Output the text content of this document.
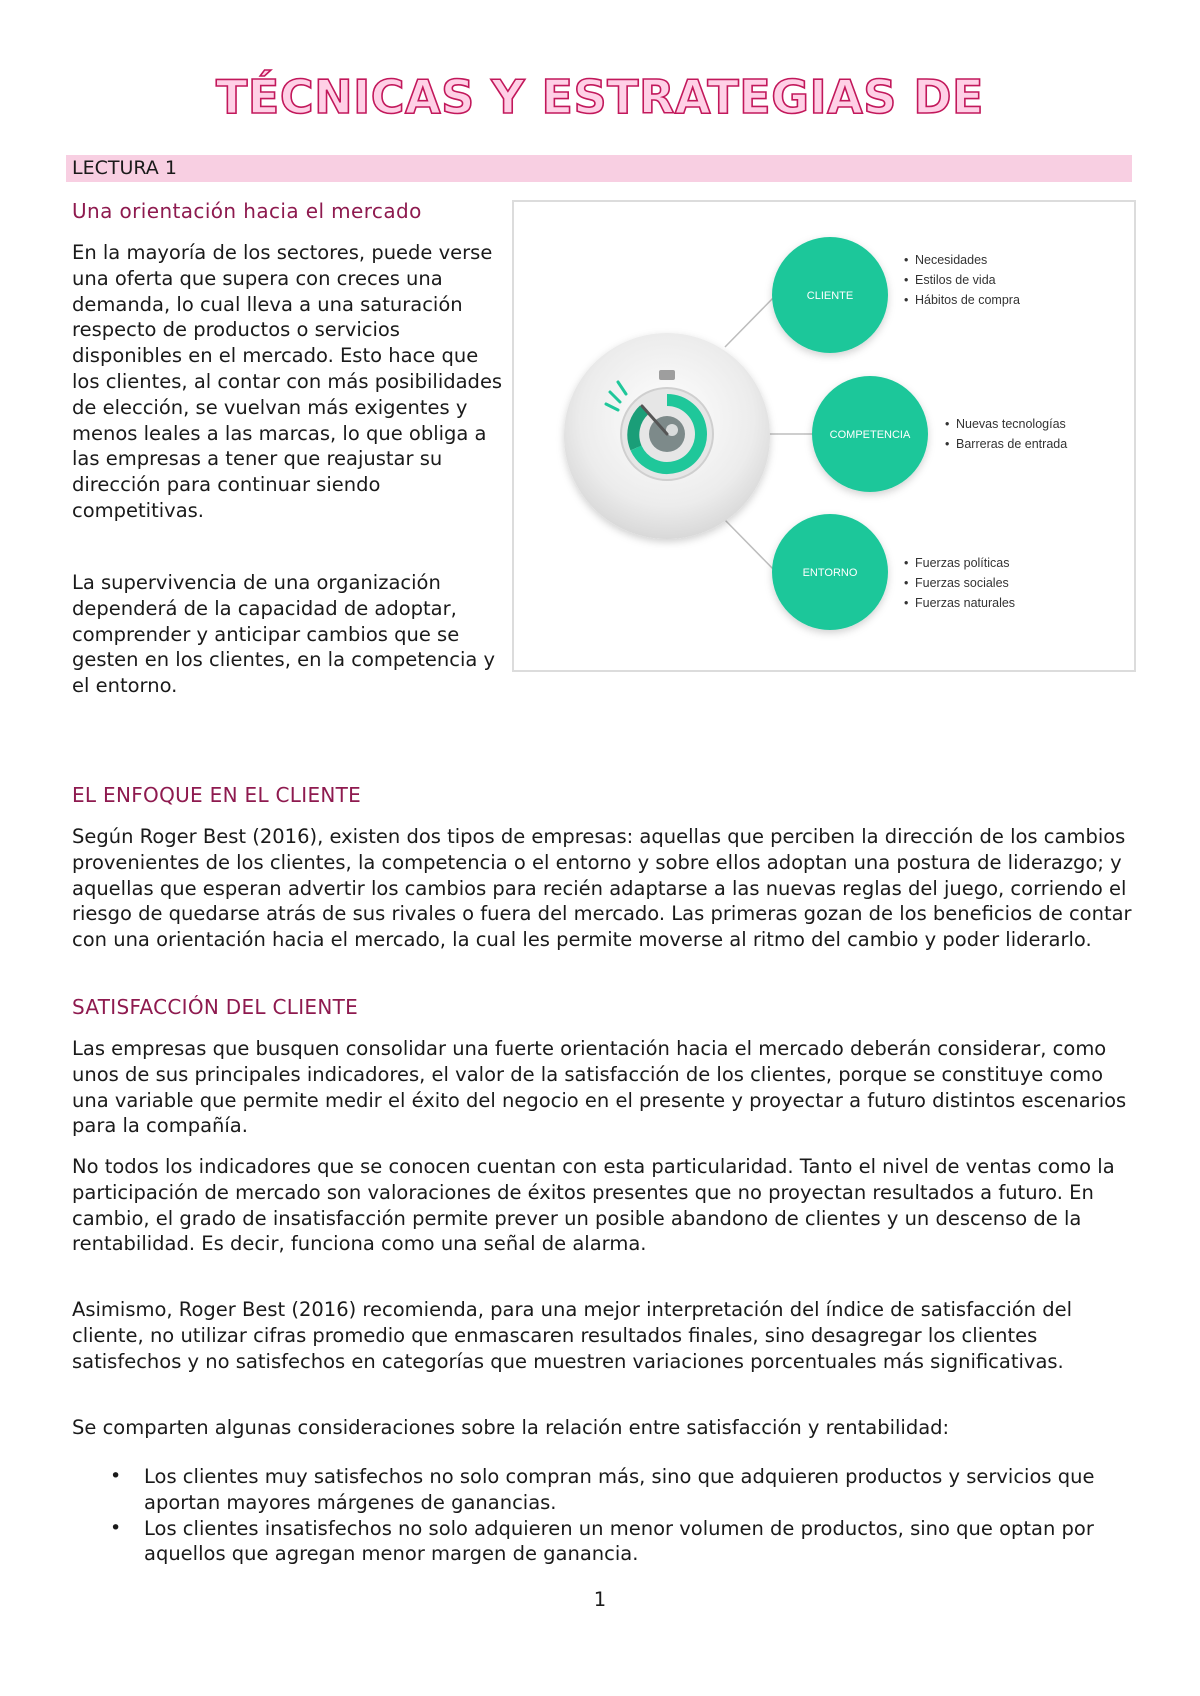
TÉCNICAS Y ESTRATEGIAS DE
LECTURA 1
Una orientación hacia el mercado

En la mayoría de los sectores, puede verse una oferta que supera con creces una demanda, lo cual lleva a una saturación respecto de productos o servicios disponibles en el mercado. Esto hace que los clientes, al contar con más posibilidades de elección, se vuelvan más exigentes y menos leales a las marcas, lo que obliga a las empresas a tener que reajustar su dirección para continuar siendo competitivas.

La supervivencia de una organización dependerá de la capacidad de adoptar, comprender y anticipar cambios que se gesten en los clientes, en la competencia y el entorno.

CLIENTE
COMPETENCIA
ENTORNO
• Necesidades
• Estilos de vida
• Hábitos de compra
• Nuevas tecnologías
• Barreras de entrada
• Fuerzas políticas
• Fuerzas sociales
• Fuerzas naturales
EL ENFOQUE EN EL CLIENTE

Según Roger Best (2016), existen dos tipos de empresas: aquellas que perciben la dirección de los cambios provenientes de los clientes, la competencia o el entorno y sobre ellos adoptan una postura de liderazgo; y aquellas que esperan advertir los cambios para recién adaptarse a las nuevas reglas del juego, corriendo el riesgo de quedarse atrás de sus rivales o fuera del mercado. Las primeras gozan de los beneficios de contar con una orientación hacia el mercado, la cual les permite moverse al ritmo del cambio y poder liderarlo.

SATISFACCIÓN DEL CLIENTE

Las empresas que busquen consolidar una fuerte orientación hacia el mercado deberán considerar, como unos de sus principales indicadores, el valor de la satisfacción de los clientes, porque se constituye como una variable que permite medir el éxito del negocio en el presente y proyectar a futuro distintos escenarios para la compañía.

No todos los indicadores que se conocen cuentan con esta particularidad. Tanto el nivel de ventas como la participación de mercado son valoraciones de éxitos presentes que no proyectan resultados a futuro. En cambio, el grado de insatisfacción permite prever un posible abandono de clientes y un descenso de la rentabilidad. Es decir, funciona como una señal de alarma.

Asimismo, Roger Best (2016) recomienda, para una mejor interpretación del índice de satisfacción del cliente, no utilizar cifras promedio que enmascaren resultados finales, sino desagregar los clientes satisfechos y no satisfechos en categorías que muestren variaciones porcentuales más significativas.

Se comparten algunas consideraciones sobre la relación entre satisfacción y rentabilidad:

• Los clientes muy satisfechos no solo compran más, sino que adquieren productos y servicios que aportan mayores márgenes de ganancias.
• Los clientes insatisfechos no solo adquieren un menor volumen de productos, sino que optan por aquellos que agregan menor margen de ganancia.
1
